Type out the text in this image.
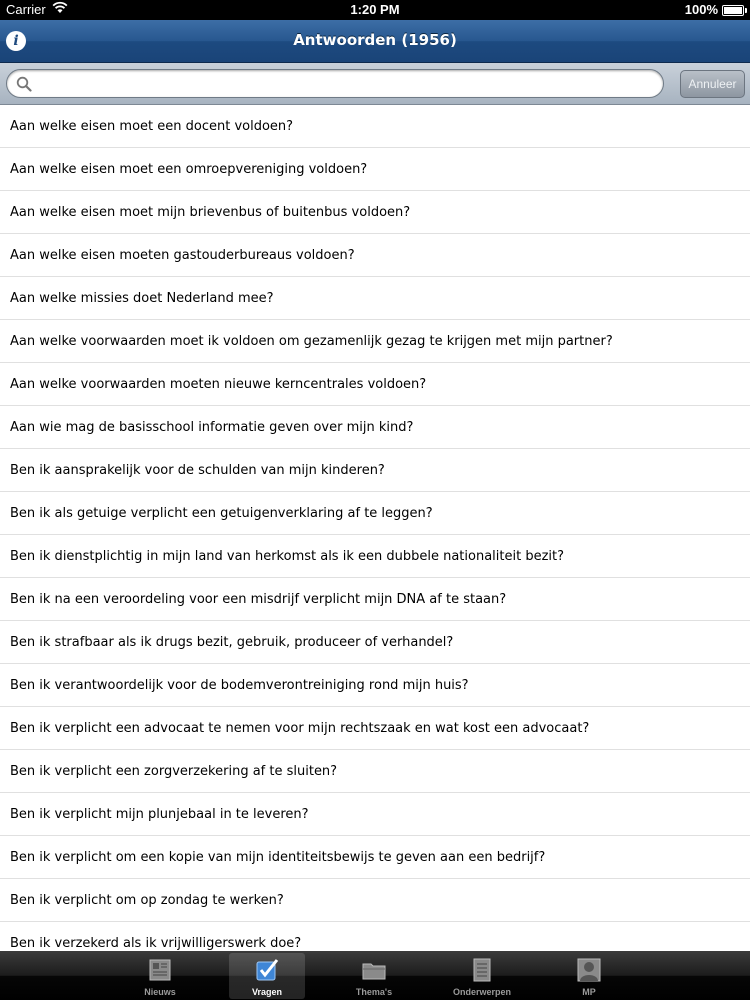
Carrier	1:20 PM	100%
i	Antwoorden (1956)
Annuleer
Aan welke eisen moet een docent voldoen?
Aan welke eisen moet een omroepvereniging voldoen?
Aan welke eisen moet mijn brievenbus of buitenbus voldoen?
Aan welke eisen moeten gastouderbureaus voldoen?
Aan welke missies doet Nederland mee?
Aan welke voorwaarden moet ik voldoen om gezamenlijk gezag te krijgen met mijn partner?
Aan welke voorwaarden moeten nieuwe kerncentrales voldoen?
Aan wie mag de basisschool informatie geven over mijn kind?
Ben ik aansprakelijk voor de schulden van mijn kinderen?
Ben ik als getuige verplicht een getuigenverklaring af te leggen?
Ben ik dienstplichtig in mijn land van herkomst als ik een dubbele nationaliteit bezit?
Ben ik na een veroordeling voor een misdrijf verplicht mijn DNA af te staan?
Ben ik strafbaar als ik drugs bezit, gebruik, produceer of verhandel?
Ben ik verantwoordelijk voor de bodemverontreiniging rond mijn huis?
Ben ik verplicht een advocaat te nemen voor mijn rechtszaak en wat kost een advocaat?
Ben ik verplicht een zorgverzekering af te sluiten?
Ben ik verplicht mijn plunjebaal in te leveren?
Ben ik verplicht om een kopie van mijn identiteitsbewijs te geven aan een bedrijf?
Ben ik verplicht om op zondag te werken?
Ben ik verzekerd als ik vrijwilligerswerk doe?
Nieuws	Vragen	Thema's	Onderwerpen	MP
